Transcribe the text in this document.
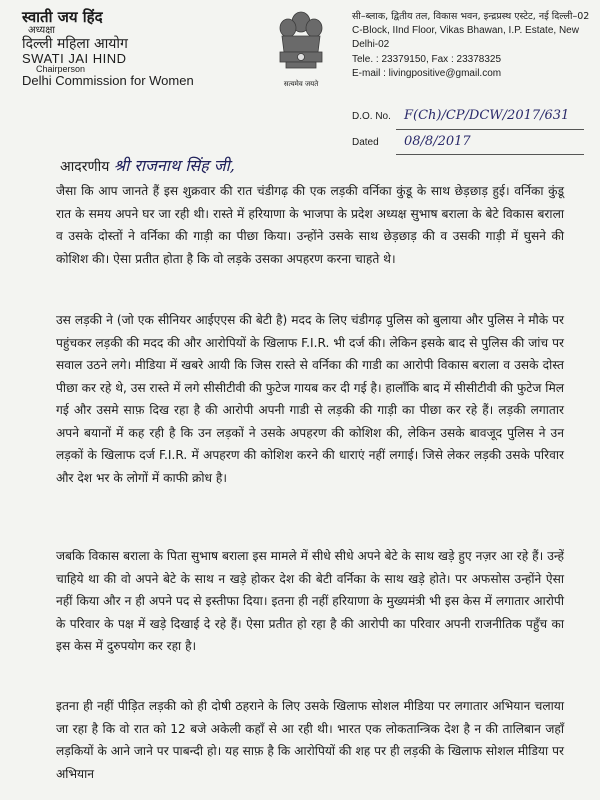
स्वाती जय हिंद
अध्यक्षा
दिल्ली महिला आयोग
SWATI JAI HIND
Chairperson
Delhi Commission for Women	सत्यमेव जयते
सी–ब्लाक, द्वितीय तल, विकास भवन, इन्द्रप्रस्थ एस्टेट, नई दिल्ली–02
C-Block, IInd Floor, Vikas Bhawan, I.P. Estate, New Delhi-02
Tele. : 23379150, Fax : 23378325
E-mail : livingpositive@gmail.com
D.O. No.	F(Ch)/CP/DCW/2017/631
Dated	08/8/2017
आदरणीय श्री राजनाथ सिंह जी,

जैसा कि आप जानते हैं इस शुक्रवार की रात चंडीगढ़ की एक लड़की वर्निका कुंडू के साथ छेड़छाड़ हुई। वर्निका कुंडू रात के समय अपने घर जा रही थी। रास्ते में हरियाणा के भाजपा के प्रदेश अध्यक्ष सुभाष बराला के बेटे विकास बराला व उसके दोस्तों ने वर्निका की गाड़ी का पीछा किया। उन्होंने उसके साथ छेड़छाड़ की व उसकी गाड़ी में घुसने की कोशिश की। ऐसा प्रतीत होता है कि वो लड़के उसका अपहरण करना चाहते थे।

उस लड़की ने (जो एक सीनियर आईएएस की बेटी है) मदद के लिए चंडीगढ़ पुलिस को बुलाया और पुलिस ने मौके पर पहुंचकर लड़की की मदद की और आरोपियों के खिलाफ F.I.R. भी दर्ज की। लेकिन इसके बाद से पुलिस की जांच पर सवाल उठने लगे। मीडिया में खबरे आयी कि जिस रास्ते से वर्निका की गाडी का आरोपी विकास बराला व उसके दोस्त पीछा कर रहे थे, उस रास्ते में लगे सीसीटीवी की फुटेज गायब कर दी गई है। हालाँकि बाद में सीसीटीवी की फुटेज मिल गई और उसमे साफ़ दिख रहा है की आरोपी अपनी गाडी से लड़की की गाड़ी का पीछा कर रहे हैं। लड़की लगातार अपने बयानों में कह रही है कि उन लड़कों ने उसके अपहरण की कोशिश की, लेकिन उसके बावजूद पुलिस ने उन लड़कों के खिलाफ दर्ज F.I.R. में अपहरण की कोशिश करने की धाराएं नहीं लगाई। जिसे लेकर लड़की उसके परिवार और देश भर के लोगों में काफी क्रोध है।

जबकि विकास बराला के पिता सुभाष बराला इस मामले में सीधे सीधे अपने बेटे के साथ खड़े हुए नज़र आ रहे हैं। उन्हें चाहिये था की वो अपने बेटे के साथ न खड़े होकर देश की बेटी वर्निका के साथ खड़े होते। पर अफसोस उन्होंने ऐसा नहीं किया और न ही अपने पद से इस्तीफा दिया। इतना ही नहीं हरियाणा के मुख्यमंत्री भी इस केस में लगातार आरोपी के परिवार के पक्ष में खड़े दिखाई दे रहे हैं। ऐसा प्रतीत हो रहा है की आरोपी का परिवार अपनी राजनीतिक पहुँच का इस केस में दुरुपयोग कर रहा है।

इतना ही नहीं पीड़ित लड़की को ही दोषी ठहराने के लिए उसके खिलाफ सोशल मीडिया पर लगातार अभियान चलाया जा रहा है कि वो रात को 12 बजे अकेली कहाँ से आ रही थी। भारत एक लोकतान्त्रिक देश है न की तालिबान जहाँ लड़कियों के आने जाने पर पाबन्दी हो। यह साफ़ है कि आरोपियों की शह पर ही लड़की के खिलाफ सोशल मीडिया पर अभियान
